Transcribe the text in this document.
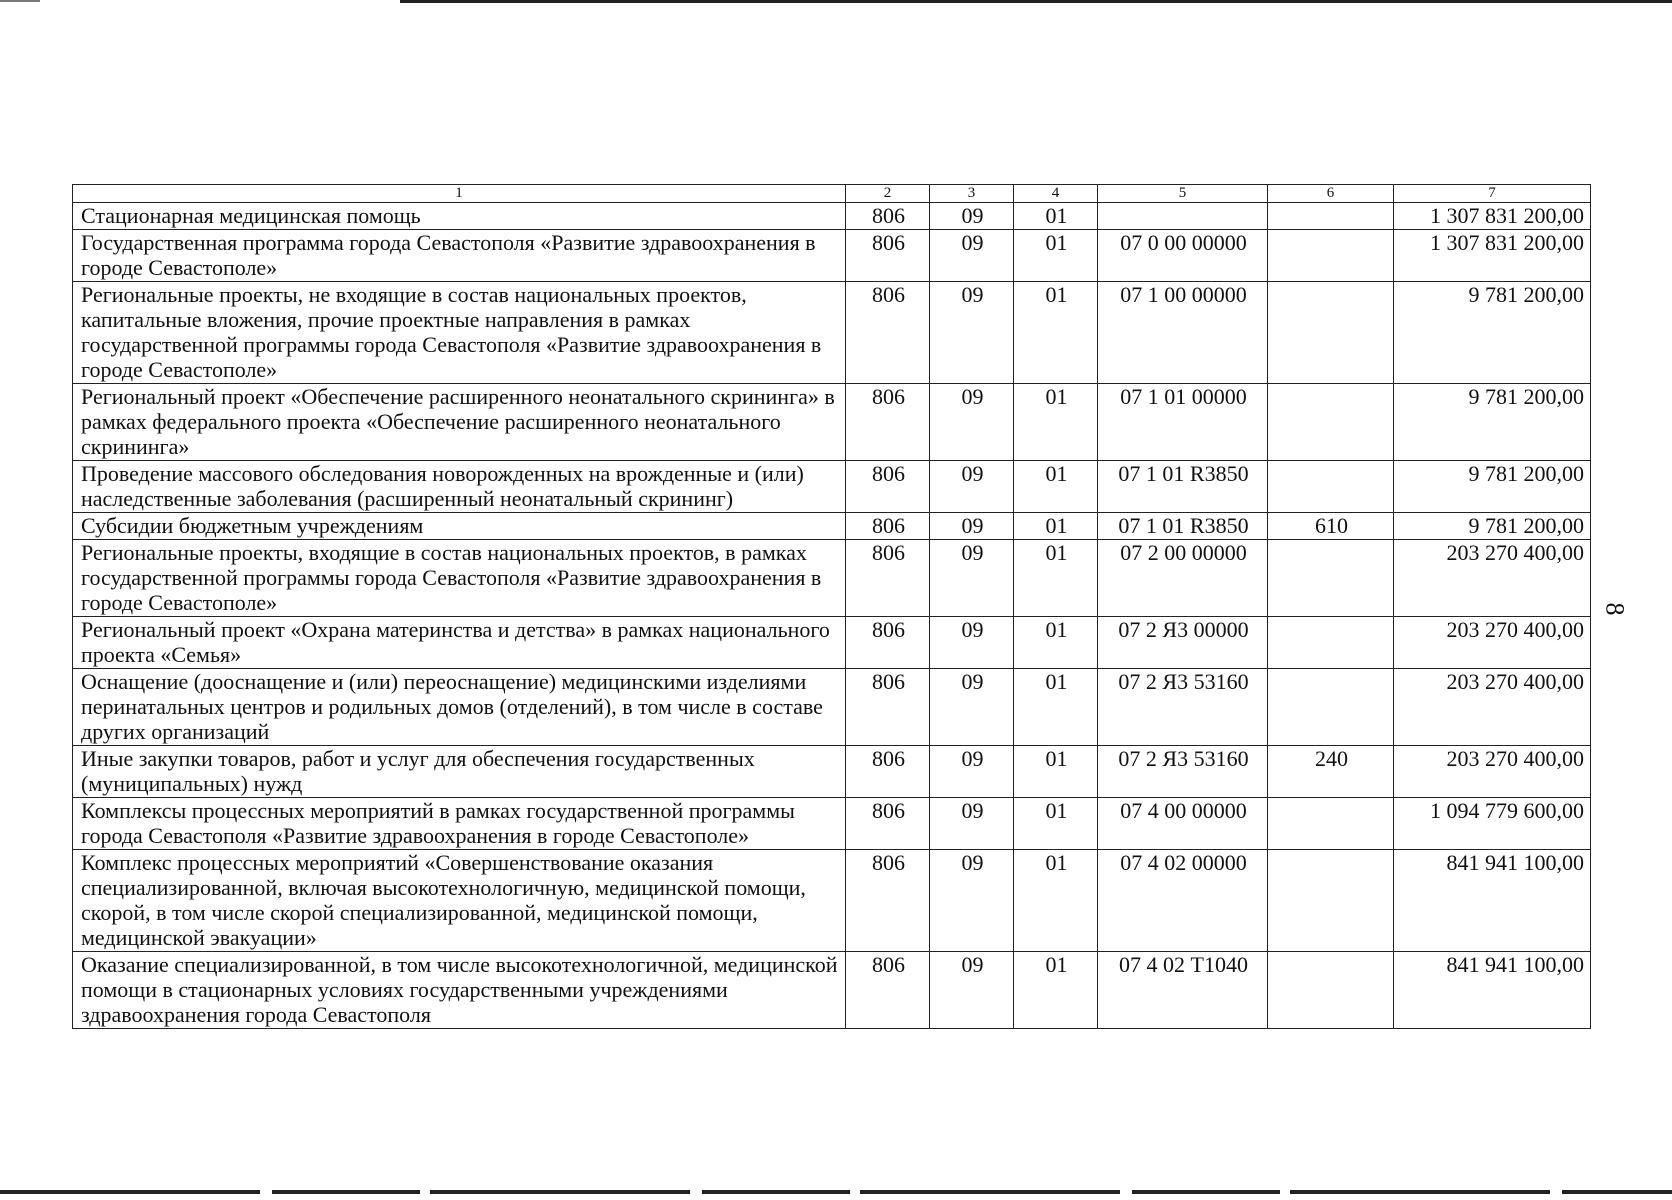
1	2	3	4	5	6	7
Стационарная медицинская помощь	806	09	01			1 307 831 200,00
Государственная программа города Севастополя «Развитие здравоохранения в городе Севастополе»	806	09	01	07 0 00 00000		1 307 831 200,00
Региональные проекты, не входящие в состав национальных проектов, капитальные вложения, прочие проектные направления в рамках государственной программы города Севастополя «Развитие здравоохранения в городе Севастополе»	806	09	01	07 1 00 00000		9 781 200,00
Региональный проект «Обеспечение расширенного неонатального скрининга» в рамках федерального проекта «Обеспечение расширенного неонатального скрининга»	806	09	01	07 1 01 00000		9 781 200,00
Проведение массового обследования новорожденных на врожденные и (или) наследственные заболевания (расширенный неонатальный скрининг)	806	09	01	07 1 01 R3850		9 781 200,00
Субсидии бюджетным учреждениям	806	09	01	07 1 01 R3850	610	9 781 200,00
Региональные проекты, входящие в состав национальных проектов, в рамках государственной программы города Севастополя «Развитие здравоохранения в городе Севастополе»	806	09	01	07 2 00 00000		203 270 400,00
Региональный проект «Охрана материнства и детства» в рамках национального проекта «Семья»	806	09	01	07 2 Я3 00000		203 270 400,00
Оснащение (дооснащение и (или) переоснащение) медицинскими изделиями перинатальных центров и родильных домов (отделений), в том числе в составе других организаций	806	09	01	07 2 Я3 53160		203 270 400,00
Иные закупки товаров, работ и услуг для обеспечения государственных (муниципальных) нужд	806	09	01	07 2 Я3 53160	240	203 270 400,00
Комплексы процессных мероприятий в рамках государственной программы города Севастополя «Развитие здравоохранения в городе Севастополе»	806	09	01	07 4 00 00000		1 094 779 600,00
Комплекс процессных мероприятий «Совершенствование оказания специализированной, включая высокотехнологичную, медицинской помощи, скорой, в том числе скорой специализированной, медицинской помощи, медицинской эвакуации»	806	09	01	07 4 02 00000		841 941 100,00
Оказание специализированной, в том числе высокотехнологичной, медицинской помощи в стационарных условиях государственными учреждениями здравоохранения города Севастополя	806	09	01	07 4 02 Т1040		841 941 100,00
8
